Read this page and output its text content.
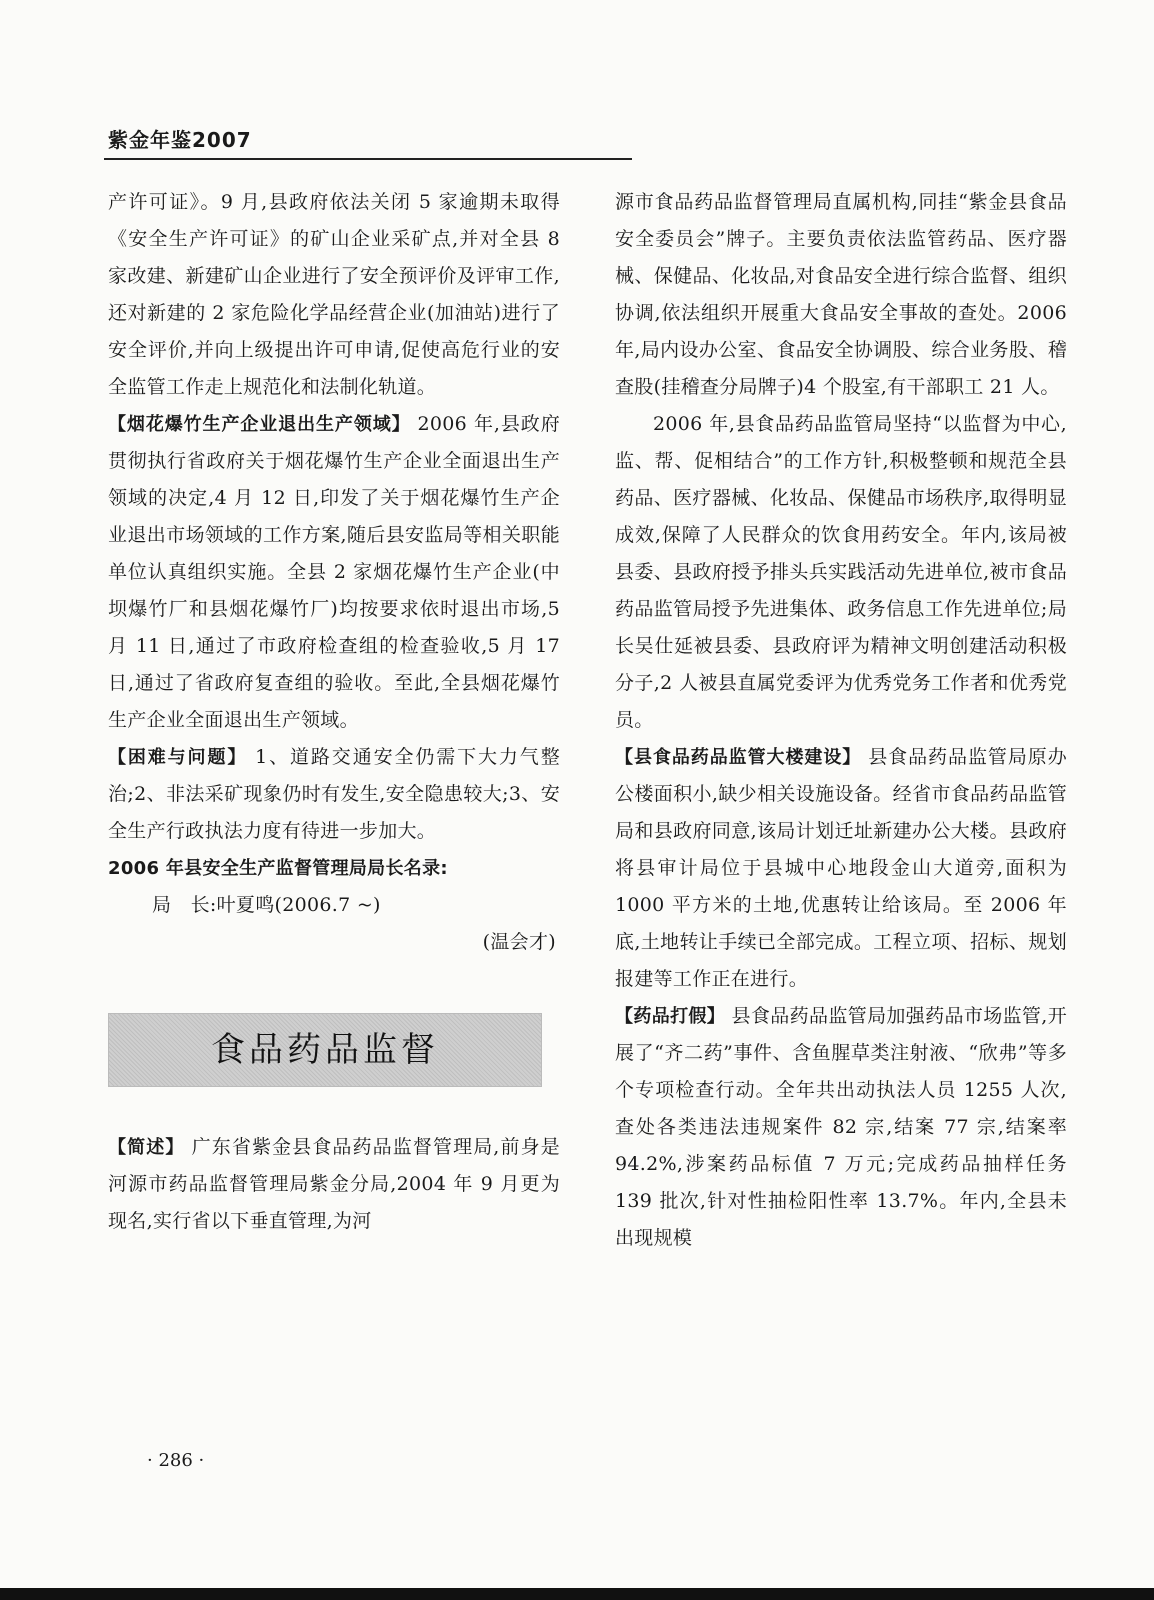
紫金年鉴2007

产许可证》。9 月,县政府依法关闭 5 家逾期未取得《安全生产许可证》的矿山企业采矿点,并对全县 8 家改建、新建矿山企业进行了安全预评价及评审工作,还对新建的 2 家危险化学品经营企业(加油站)进行了安全评价,并向上级提出许可申请,促使高危行业的安全监管工作走上规范化和法制化轨道。

【烟花爆竹生产企业退出生产领域】 2006 年,县政府贯彻执行省政府关于烟花爆竹生产企业全面退出生产领域的决定,4 月 12 日,印发了关于烟花爆竹生产企业退出市场领域的工作方案,随后县安监局等相关职能单位认真组织实施。全县 2 家烟花爆竹生产企业(中坝爆竹厂和县烟花爆竹厂)均按要求依时退出市场,5 月 11 日,通过了市政府检查组的检查验收,5 月 17 日,通过了省政府复查组的验收。至此,全县烟花爆竹生产企业全面退出生产领域。

【困难与问题】 1、道路交通安全仍需下大力气整治;2、非法采矿现象仍时有发生,安全隐患较大;3、安全生产行政执法力度有待进一步加大。

2006 年县安全生产监督管理局局长名录:

局　长:叶夏鸣(2006.7 ~)

(温会才)

食品药品监督

【简述】 广东省紫金县食品药品监督管理局,前身是河源市药品监督管理局紫金分局,2004 年 9 月更为现名,实行省以下垂直管理,为河

源市食品药品监督管理局直属机构,同挂“紫金县食品安全委员会”牌子。主要负责依法监管药品、医疗器械、保健品、化妆品,对食品安全进行综合监督、组织协调,依法组织开展重大食品安全事故的查处。2006 年,局内设办公室、食品安全协调股、综合业务股、稽查股(挂稽查分局牌子)4 个股室,有干部职工 21 人。

2006 年,县食品药品监管局坚持“以监督为中心,监、帮、促相结合”的工作方针,积极整顿和规范全县药品、医疗器械、化妆品、保健品市场秩序,取得明显成效,保障了人民群众的饮食用药安全。年内,该局被县委、县政府授予排头兵实践活动先进单位,被市食品药品监管局授予先进集体、政务信息工作先进单位;局长吴仕延被县委、县政府评为精神文明创建活动积极分子,2 人被县直属党委评为优秀党务工作者和优秀党员。

【县食品药品监管大楼建设】 县食品药品监管局原办公楼面积小,缺少相关设施设备。经省市食品药品监管局和县政府同意,该局计划迁址新建办公大楼。县政府将县审计局位于县城中心地段金山大道旁,面积为 1000 平方米的土地,优惠转让给该局。至 2006 年底,土地转让手续已全部完成。工程立项、招标、规划报建等工作正在进行。

【药品打假】 县食品药品监管局加强药品市场监管,开展了“齐二药”事件、含鱼腥草类注射液、“欣弗”等多个专项检查行动。全年共出动执法人员 1255 人次,查处各类违法违规案件 82 宗,结案 77 宗,结案率 94.2%,涉案药品标值 7 万元;完成药品抽样任务 139 批次,针对性抽检阳性率 13.7%。年内,全县未出现规模

· 286 ·
